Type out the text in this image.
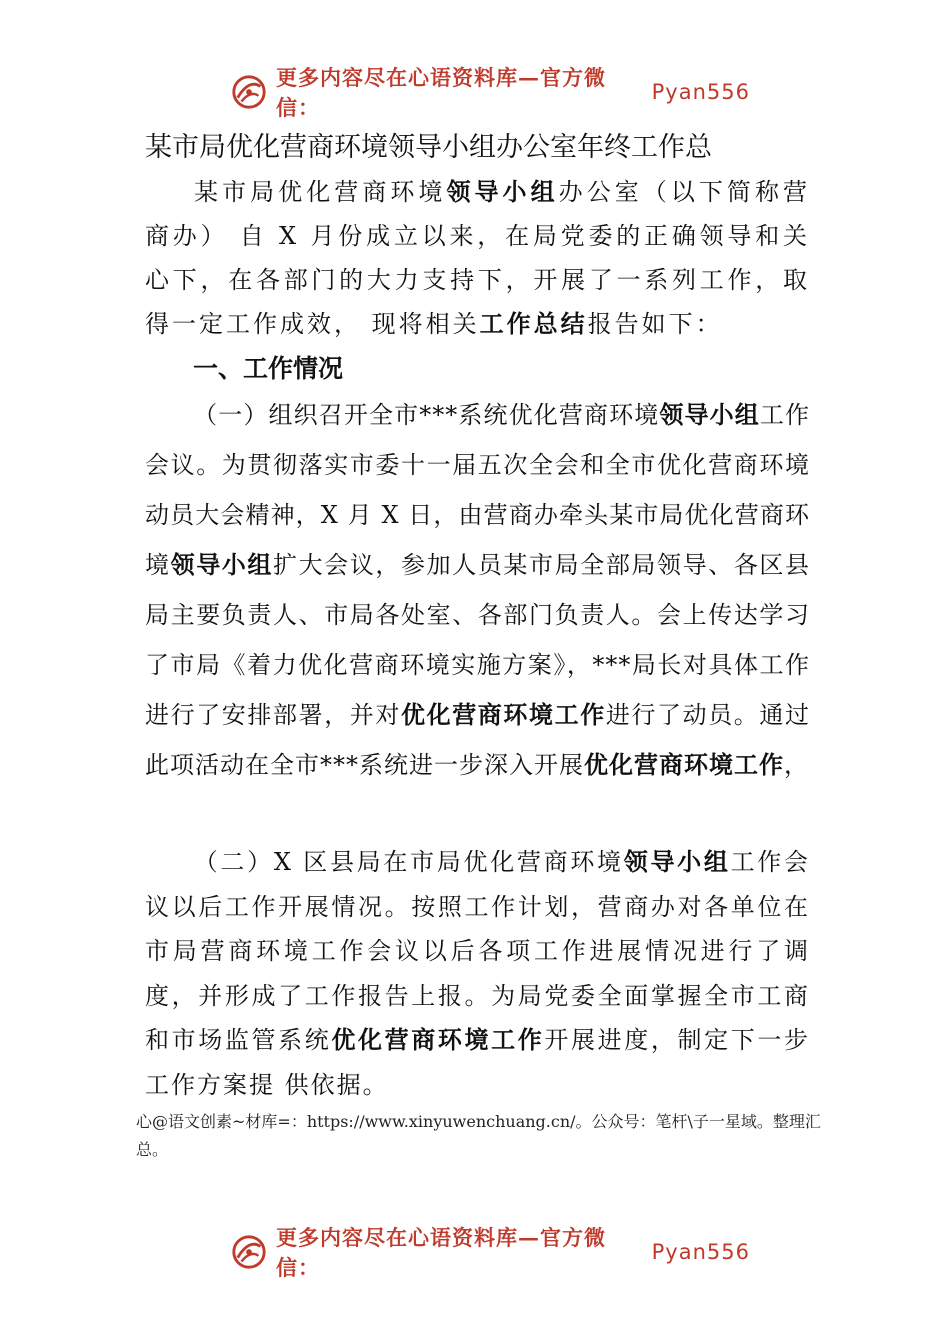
更多内容尽在心语资料库—官方微信：
Pyan556
某市局优化营商环境领导小组办公室年终工作总
某市局优化营商环境领导小组办公室（以下简称营商办） 自 X 月份成立以来，在局党委的正确领导和关心下，在各部门的大力支持下，开展了一系列工作，取得一定工作成效， 现将相关工作总结报告如下：
一、工作情况
（一）组织召开全市***系统优化营商环境领导小组工作会议。为贯彻落实市委十一届五次全会和全市优化营商环境动员大会精神，X 月 X 日，由营商办牵头某市局优化营商环境领导小组扩大会议，参加人员某市局全部局领导、各区县局主要负责人、市局各处室、各部门负责人。会上传达学习了市局《着力优化营商环境实施方案》，***局长对具体工作进行了安排部署，并对优化营商环境工作进行了动员。通过此项活动在全市***系统进一步深入开展优化营商环境工作，
（二）X 区县局在市局优化营商环境领导小组工作会议以后工作开展情况。按照工作计划，营商办对各单位在市局营商环境工作会议以后各项工作进展情况进行了调度，并形成了工作报告上报。为局党委全面掌握全市工商和市场监管系统优化营商环境工作开展进度，制定下一步工作方案提 供依据。
心@语文创素~材库=：https://www.xinyuwenchuang.cn/。公众号：笔杆\子一星域。整理汇总。
更多内容尽在心语资料库—官方微信：
Pyan556
